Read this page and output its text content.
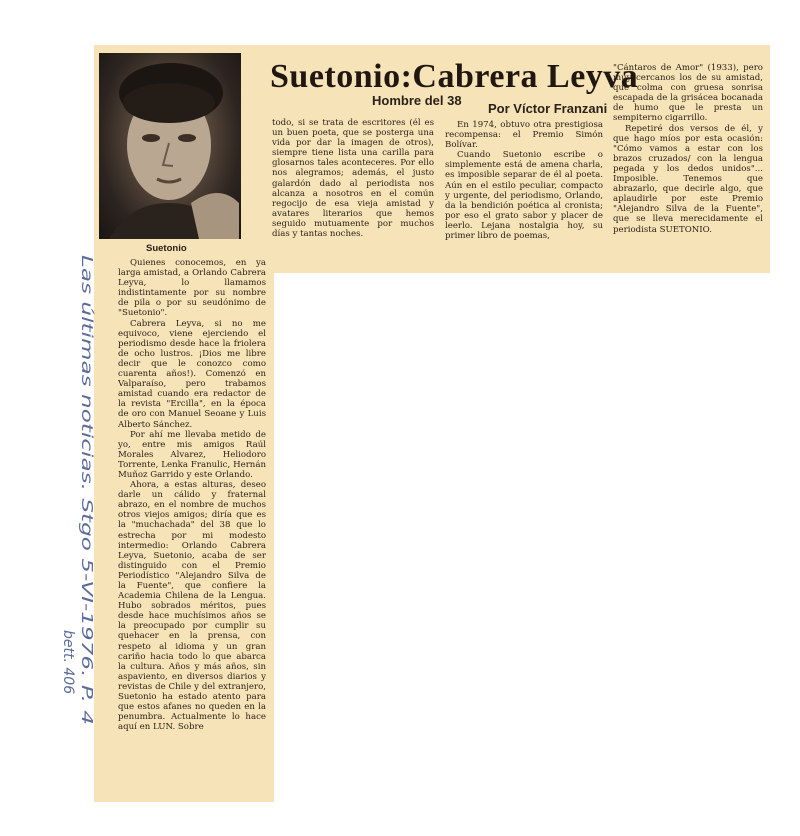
Suetonio
Suetonio:Cabrera Leyva
Hombre del 38
Por Víctor Franzani

Quienes conocemos, en ya larga amistad, a Orlando Cabrera Leyva, lo llamamos indistintamente por su nombre de pila o por su seudónimo de "Suetonio".

Cabrera Leyva, si no me equivoco, viene ejerciendo el periodismo desde hace la friolera de ocho lustros. ¡Dios me libre decir que le conozco como cuarenta años!). Comenzó en Valparaíso, pero trabamos amistad cuando era redactor de la revista "Ercilla", en la época de oro con Manuel Seoane y Luis Alberto Sánchez.

Por ahí me llevaba metido de yo, entre mis amigos Raúl Morales Alvarez, Heliodoro Torrente, Lenka Franulic, Hernán Muñoz Garrido y este Orlando.

Ahora, a estas alturas, deseo darle un cálido y fraternal abrazo, en el nombre de muchos otros viejos amigos; diría que es la "muchachada" del 38 que lo estrecha por mi modesto intermedio: Orlando Cabrera Leyva, Suetonio, acaba de ser distinguido con el Premio Periodístico "Alejandro Silva de la Fuente", que confiere la Academia Chilena de la Lengua. Hubo sobrados méritos, pues desde hace muchísimos años se la preocupado por cumplir su quehacer en la prensa, con respeto al idioma y un gran cariño hacia todo lo que abarca la cultura. Años y más años, sin aspaviento, en diversos diarios y revistas de Chile y del extranjero, Suetonio ha estado atento para que estos afanes no queden en la penumbra. Actualmente lo hace aquí en LUN. Sobre

todo, si se trata de escritores (él es un buen poeta, que se posterga una vida por dar la imagen de otros), siempre tiene lista una carilla para glosarnos tales aconteceres. Por ello nos alegramos; además, el justo galardón dado al periodista nos alcanza a nosotros en el común regocijo de esa vieja amistad y avatares literarios que hemos seguido mutuamente por muchos días y tantas noches.

En 1974, obtuvo otra prestigiosa recompensa: el Premio Simón Bolívar.

Cuando Suetonio escribe o simplemente está de amena charla, es imposible separar de él al poeta. Aún en el estilo peculiar, compacto y urgente, del periodismo, Orlando, da la bendición poética al cronista; por eso el grato sabor y placer de leerlo. Lejana nostalgia hoy, su primer libro de poemas,

"Cántaros de Amor" (1933), pero muy cercanos los de su amistad, que colma con gruesa sonrisa escapada de la grisácea bocanada de humo que le presta un sempiterno cigarrillo.

Repetiré dos versos de él, y que hago míos por esta ocasión: "Cómo vamos a estar con los brazos cruzados/ con la lengua pegada y los dedos unidos"... Imposible. Tenemos que abrazarlo, que decirle algo, que aplaudirle por este Premio "Alejandro Silva de la Fuente", que se lleva merecidamente el periodista SUETONIO.

Las últimas noticias. Stgo 5-VI-1976. P. 4
bett. 406
